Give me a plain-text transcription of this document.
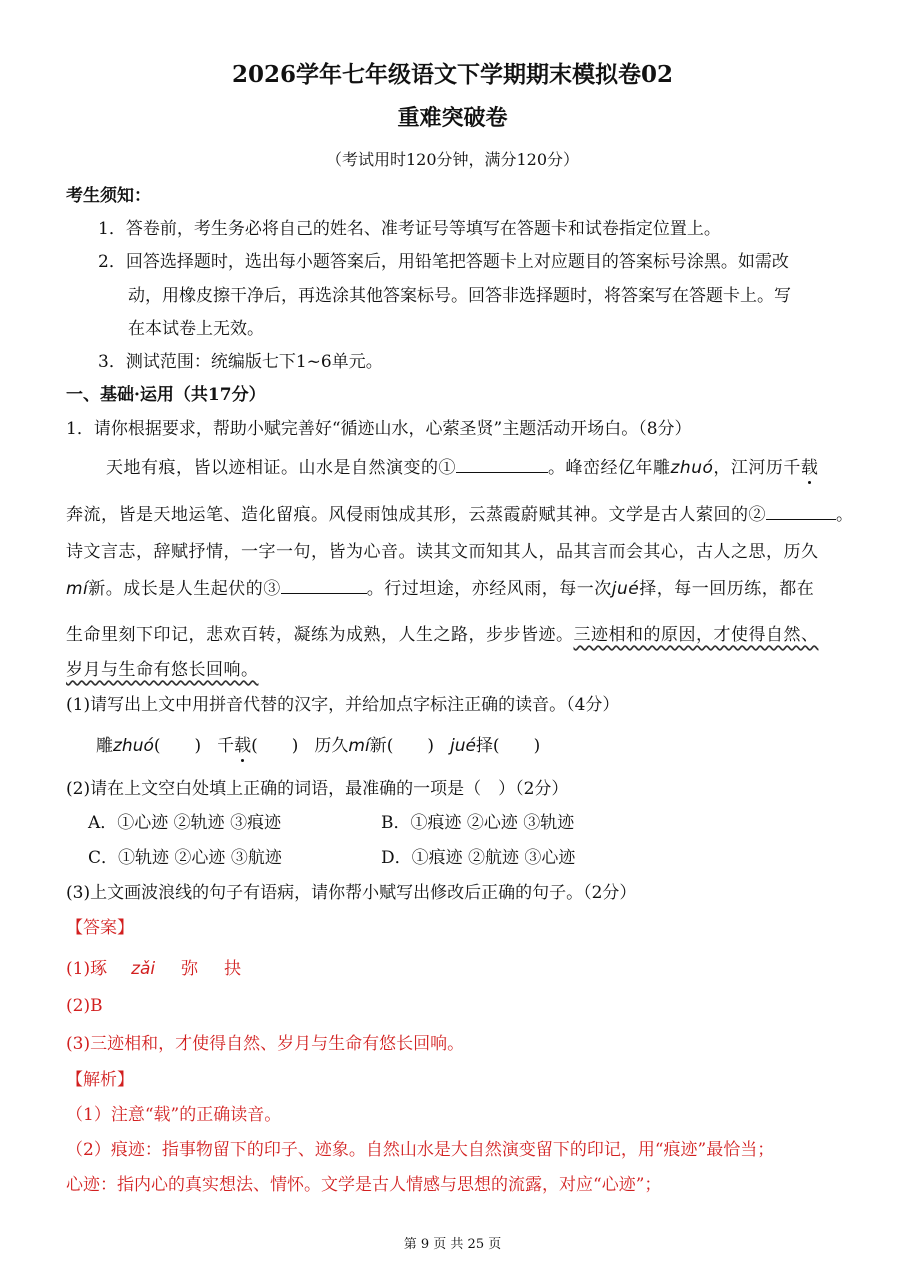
2026学年七年级语文下学期期末模拟卷02
重难突破卷
（考试用时120分钟，满分120分）
考生须知：
1．答卷前，考生务必将自己的姓名、准考证号等填写在答题卡和试卷指定位置上。
2．回答选择题时，选出每小题答案后，用铅笔把答题卡上对应题目的答案标号涂黑。如需改
动，用橡皮擦干净后，再选涂其他答案标号。回答非选择题时，将答案写在答题卡上。写
在本试卷上无效。
3．测试范围：统编版七下1~6单元。
一、基础·运用（共17分）
1．请你根据要求，帮助小赋完善好“循迹山水，心萦圣贤”主题活动开场白。（8分）
天地有痕，皆以迹相证。山水是自然演变的①	。峰峦经亿年雕zhuó，江河历千载
奔流，皆是天地运笔、造化留痕。风侵雨蚀成其形，云蒸霞蔚赋其神。文学是古人萦回的②	。
诗文言志，辞赋抒情，一字一句，皆为心音。读其文而知其人，品其言而会其心，古人之思，历久
mí新。成长是人生起伏的③	。行过坦途，亦经风雨，每一次jué择，每一回历练，都在
生命里刻下印记，悲欢百转，凝练为成熟，人生之路，步步皆迹。三迹相和的原因，才使得自然、
岁月与生命有悠长回响。
(1)请写出上文中用拼音代替的汉字，并给加点字标注正确的读音。（4分）
雕zhuó(　　) 千载(　　) 历久mí新(　　) jué择(　　)
(2)请在上文空白处填上正确的词语，最准确的一项是（　）（2分）
A．①心迹 ②轨迹 ③痕迹	B．①痕迹 ②心迹 ③轨迹
C．①轨迹 ②心迹 ③航迹	D．①痕迹 ②航迹 ③心迹
(3)上文画波浪线的句子有语病，请你帮小赋写出修改后正确的句子。（2分）
【答案】
(1)琢 zǎi 弥 抉
(2)B
(3)三迹相和，才使得自然、岁月与生命有悠长回响。
【解析】
（1）注意“载”的正确读音。
（2）痕迹：指事物留下的印子、迹象。自然山水是大自然演变留下的印记，用“痕迹”最恰当；
心迹：指内心的真实想法、情怀。文学是古人情感与思想的流露，对应“心迹”；
第 9 页 共 25 页
